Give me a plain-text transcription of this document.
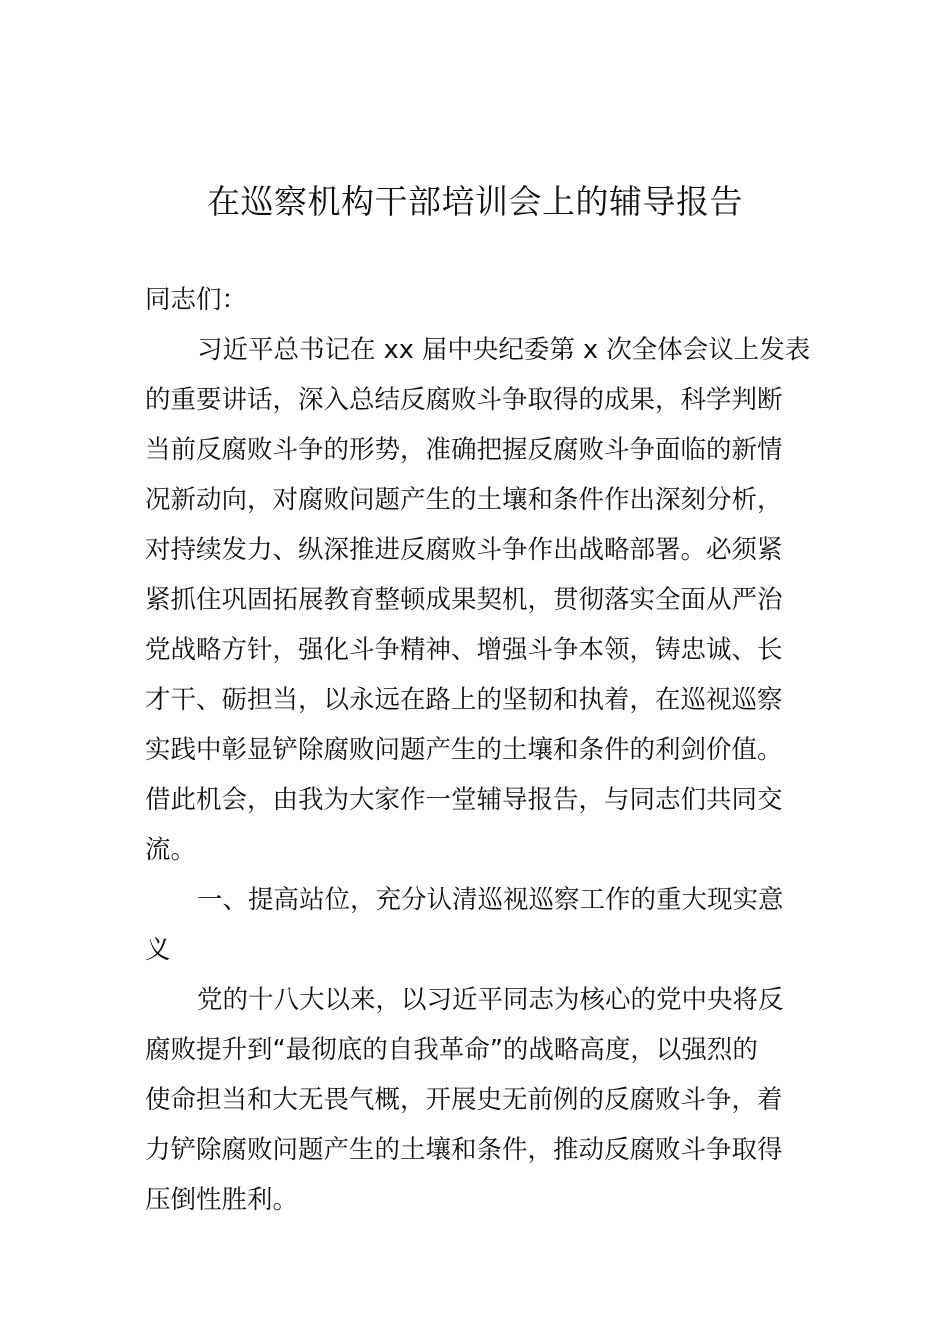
在巡察机构干部培训会上的辅导报告
同志们：
习近平总书记在 xx 届中央纪委第 x 次全体会议上发表
的重要讲话，深入总结反腐败斗争取得的成果，科学判断
当前反腐败斗争的形势，准确把握反腐败斗争面临的新情
况新动向，对腐败问题产生的土壤和条件作出深刻分析，
对持续发力、纵深推进反腐败斗争作出战略部署。必须紧
紧抓住巩固拓展教育整顿成果契机，贯彻落实全面从严治
党战略方针，强化斗争精神、增强斗争本领，铸忠诚、长
才干、砺担当，以永远在路上的坚韧和执着，在巡视巡察
实践中彰显铲除腐败问题产生的土壤和条件的利剑价值。
借此机会，由我为大家作一堂辅导报告，与同志们共同交
流。
一、提高站位，充分认清巡视巡察工作的重大现实意
义
党的十八大以来，以习近平同志为核心的党中央将反
腐败提升到“最彻底的自我革命”的战略高度，以强烈的
使命担当和大无畏气概，开展史无前例的反腐败斗争，着
力铲除腐败问题产生的土壤和条件，推动反腐败斗争取得
压倒性胜利。
